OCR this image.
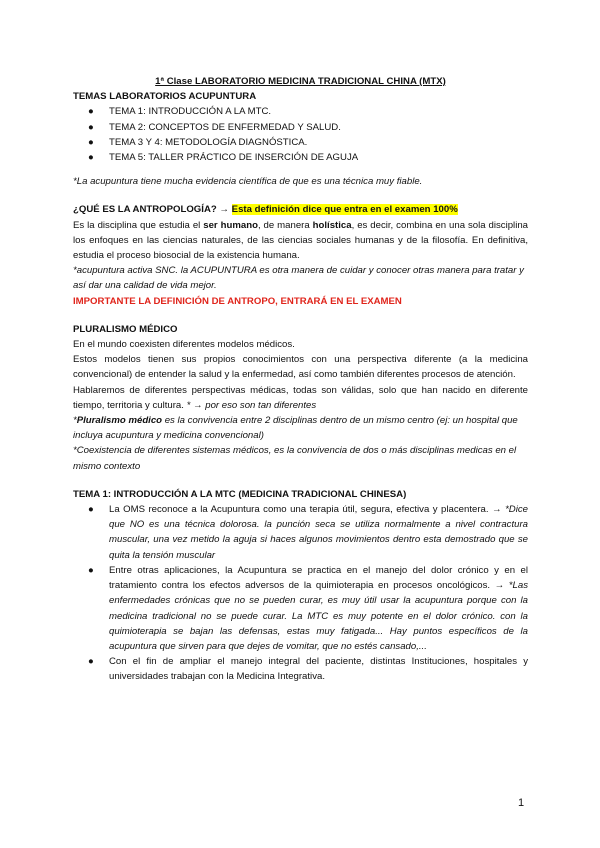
1ª Clase LABORATORIO MEDICINA TRADICIONAL CHINA (MTX)

TEMAS LABORATORIOS ACUPUNTURA

● TEMA 1: INTRODUCCIÓN A LA MTC.
● TEMA 2: CONCEPTOS DE ENFERMEDAD Y SALUD.
● TEMA 3 Y 4: METODOLOGÍA DIAGNÓSTICA.
● TEMA 5: TALLER PRÁCTICO DE INSERCIÓN DE AGUJA

*La acupuntura tiene mucha evidencia científica de que es una técnica muy fiable.

¿QUÉ ES LA ANTROPOLOGÍA? → Esta definición dice que entra en el examen 100%

Es la disciplina que estudia el ser humano, de manera holística, es decir, combina en una sola disciplina los enfoques en las ciencias naturales, de las ciencias sociales humanas y de la filosofía. En definitiva, estudia el proceso biosocial de la existencia humana.

*acupuntura activa SNC. la ACUPUNTURA es otra manera de cuidar y conocer otras manera para tratar y así dar una calidad de vida mejor.

IMPORTANTE LA DEFINICIÓN DE ANTROPO, ENTRARÁ EN EL EXAMEN

PLURALISMO MÉDICO

En el mundo coexisten diferentes modelos médicos.

Estos modelos tienen sus propios conocimientos con una perspectiva diferente (a la medicina convencional) de entender la salud y la enfermedad, así como también diferentes procesos de atención.

Hablaremos de diferentes perspectivas médicas, todas son válidas, solo que han nacido en diferente tiempo, territoria y cultura. * → por eso son tan diferentes

*Pluralismo médico es la convivencia entre 2 disciplinas dentro de un mismo centro (ej: un hospital que incluya acupuntura y medicina convencional)

*Coexistencia de diferentes sistemas médicos, es la convivencia de dos o más disciplinas medicas en el mismo contexto

TEMA 1: INTRODUCCIÓN A LA MTC (MEDICINA TRADICIONAL CHINESA)

● La OMS reconoce a la Acupuntura como una terapia útil, segura, efectiva y placentera. → *Dice que NO es una técnica dolorosa. la punción seca se utiliza normalmente a nivel contractura muscular, una vez metido la aguja si haces algunos movimientos dentro esta demostrado que se quita la tensión muscular
● Entre otras aplicaciones, la Acupuntura se practica en el manejo del dolor crónico y en el tratamiento contra los efectos adversos de la quimioterapia en procesos oncológicos. → *Las enfermedades crónicas que no se pueden curar, es muy útil usar la acupuntura porque con la medicina tradicional no se puede curar. La MTC es muy potente en el dolor crónico. con la quimioterapia se bajan las defensas, estas muy fatigada... Hay puntos específicos de la acupuntura que sirven para que dejes de vomitar, que no estés cansado,...
● Con el fin de ampliar el manejo integral del paciente, distintas Instituciones, hospitales y universidades trabajan con la Medicina Integrativa.
1
